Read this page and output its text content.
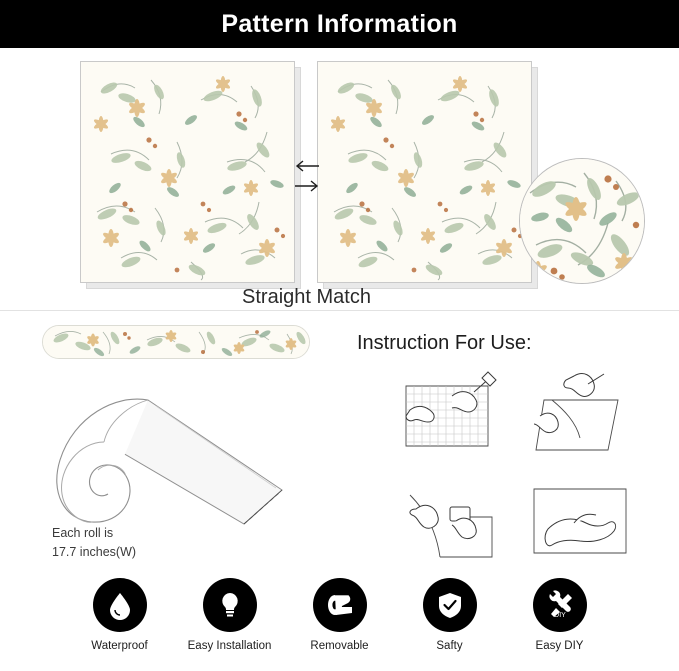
Pattern Information
Straight Match
Each roll is
17.7 inches(W)
Instruction For Use:
Waterproof	Easy Installation	Removable	Safty
DIY
Easy DIY
